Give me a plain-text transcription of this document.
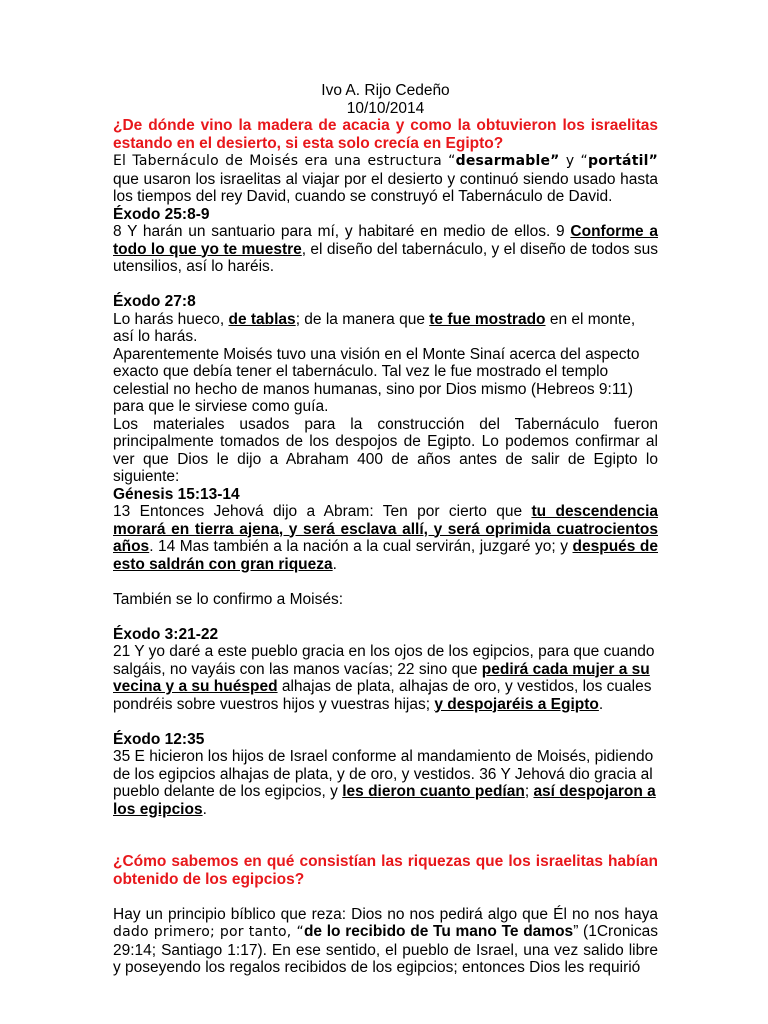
Ivo A. Rijo Cedeño

10/10/2014

¿De dónde vino la madera de acacia y como la obtuvieron los israelitas estando en el desierto, si esta solo crecía en Egipto?

El Tabernáculo de Moisés era una estructura “desarmable” y “portátil” que usaron los israelitas al viajar por el desierto y continuó siendo usado hasta los tiempos del rey David, cuando se construyó el Tabernáculo de David.

Éxodo 25:8-9

8 Y harán un santuario para mí, y habitaré en medio de ellos. 9 Conforme a todo lo que yo te muestre, el diseño del tabernáculo, y el diseño de todos sus utensilios, así lo haréis.

Éxodo 27:8

Lo harás hueco, de tablas; de la manera que te fue mostrado en el monte, así lo harás.

Aparentemente Moisés tuvo una visión en el Monte Sinaí acerca del aspecto exacto que debía tener el tabernáculo. Tal vez le fue mostrado el templo celestial no hecho de manos humanas, sino por Dios mismo (Hebreos 9:11) para que le sirviese como guía.

Los materiales usados para la construcción del Tabernáculo fueron principalmente tomados de los despojos de Egipto. Lo podemos confirmar al ver que Dios le dijo a Abraham 400 de años antes de salir de Egipto lo siguiente:

Génesis 15:13-14

13 Entonces Jehová dijo a Abram: Ten por cierto que tu descendencia morará en tierra ajena, y será esclava allí, y será oprimida cuatrocientos años. 14 Mas también a la nación a la cual servirán, juzgaré yo; y después de esto saldrán con gran riqueza.

También se lo confirmo a Moisés:

Éxodo 3:21-22

21 Y yo daré a este pueblo gracia en los ojos de los egipcios, para que cuando salgáis, no vayáis con las manos vacías; 22 sino que pedirá cada mujer a su vecina y a su huésped alhajas de plata, alhajas de oro, y vestidos, los cuales pondréis sobre vuestros hijos y vuestras hijas; y despojaréis a Egipto.

Éxodo 12:35

35 E hicieron los hijos de Israel conforme al mandamiento de Moisés, pidiendo de los egipcios alhajas de plata, y de oro, y vestidos. 36 Y Jehová dio gracia al pueblo delante de los egipcios, y les dieron cuanto pedían; así despojaron a los egipcios.

¿Cómo sabemos en qué consistían las riquezas que los israelitas habían obtenido de los egipcios?

Hay un principio bíblico que reza: Dios no nos pedirá algo que Él no nos haya dado primero; por tanto, “de lo recibido de Tu mano Te damos” (1Cronicas 29:14; Santiago 1:17). En ese sentido, el pueblo de Israel, una vez salido libre y poseyendo los regalos recibidos de los egipcios; entonces Dios les requirió
